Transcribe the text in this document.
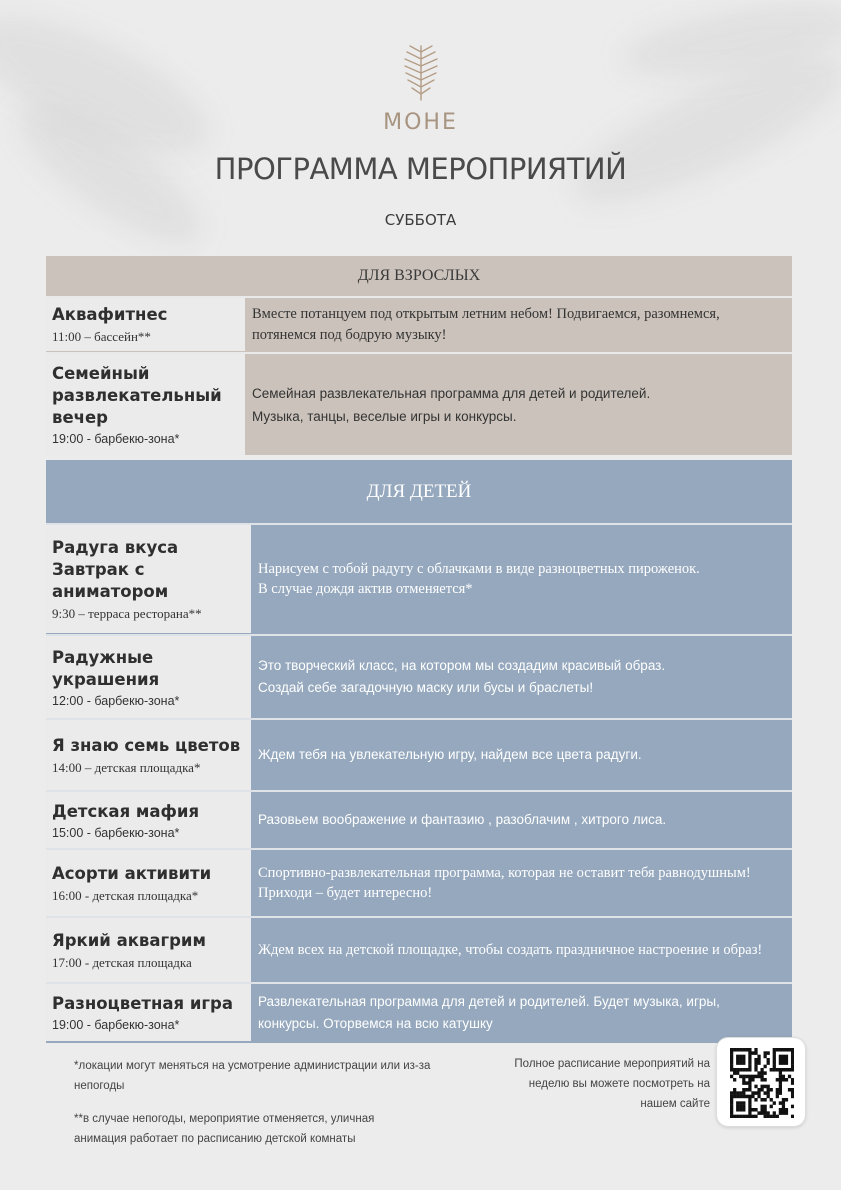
МОНЕ
ПРОГРАММА МЕРОПРИЯТИЙ
СУББОТА
ДЛЯ ВЗРОСЛЫХ
Аквафитнес
11:00 – бассейн**
Вместе потанцуем под открытым летним небом! Подвигаемся, разомнемся, потянемся под бодрую музыку!
Семейный развлекательный вечер
19:00 - барбекю-зона*
Семейная развлекательная программа для детей и родителей.
Музыка, танцы, веселые игры и конкурсы.
ДЛЯ ДЕТЕЙ
Радуга вкуса Завтрак с аниматором
9:30 – терраса ресторана**
Нарисуем с тобой радугу с облачками в виде разноцветных пироженок.
В случае дождя актив отменяется*
Радужные украшения
12:00 - барбекю-зона*
Это творческий класс, на котором мы создадим красивый образ.
Создай себе загадочную маску или бусы и браслеты!
Я знаю семь цветов
14:00 – детская площадка*
Ждем тебя на увлекательную игру, найдем все цвета радуги.
Детская мафия
15:00 - барбекю-зона*
Разовьем воображение и фантазию , разоблачим , хитрого лиса.
Асорти активити
16:00 - детская площадка*
Спортивно-развлекательная программа, которая не оставит тебя равнодушным!
Приходи – будет интересно!
Яркий аквагрим
17:00 - детская площадка
Ждем всех на детской площадке, чтобы создать праздничное настроение и образ!
Разноцветная игра
19:00 - барбекю-зона*
Развлекательная программа для детей и родителей. Будет музыка, игры, конкурсы. Оторвемся на всю катушку
*локации могут меняться на усмотрение администрации или из-за непогоды
**в случае непогоды, мероприятие отменяется, уличная анимация работает по расписанию детской комнаты
Полное расписание мероприятий на неделю вы можете посмотреть на нашем сайте
